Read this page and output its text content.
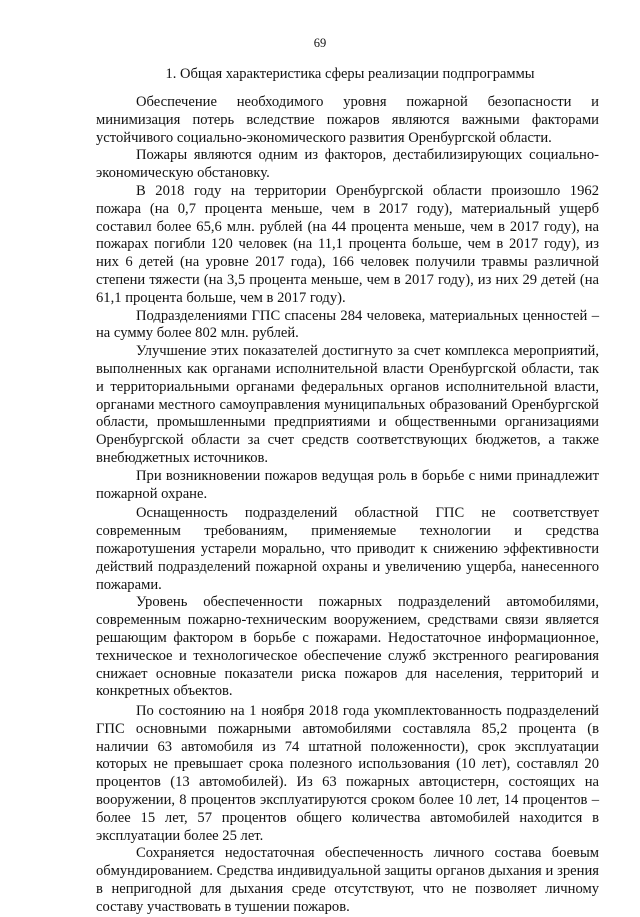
69
1. Общая характеристика сферы реализации подпрограммы

Обеспечение необходимого уровня пожарной безопасности и минимизация потерь вследствие пожаров являются важными факторами устойчивого социально-экономического развития Оренбургской области.

Пожары являются одним из факторов, дестабилизирующих социально-экономическую обстановку.

В 2018 году на территории Оренбургской области произошло 1962 пожара (на 0,7 процента меньше, чем в 2017 году), материальный ущерб составил более 65,6 млн. рублей (на 44 процента меньше, чем в 2017 году), на пожарах погибли 120 человек (на 11,1 процента больше, чем в 2017 году), из них 6 детей (на уровне 2017 года), 166 человек получили травмы различной степени тяжести (на 3,5 процента меньше, чем в 2017 году), из них 29 детей (на 61,1 процента больше, чем в 2017 году).

Подразделениями ГПС спасены 284 человека, материальных ценностей – на сумму более 802 млн. рублей.

Улучшение этих показателей достигнуто за счет комплекса мероприятий, выполненных как органами исполнительной власти Оренбургской области, так и территориальными органами федеральных органов исполнительной власти, органами местного самоуправления муниципальных образований Оренбургской области, промышленными предприятиями и общественными организациями Оренбургской области за счет средств соответствующих бюджетов, а также внебюджетных источников.

При возникновении пожаров ведущая роль в борьбе с ними принадлежит пожарной охране.

Оснащенность подразделений областной ГПС не соответствует современным требованиям, применяемые технологии и средства пожаротушения устарели морально, что приводит к снижению эффективности действий подразделений пожарной охраны и увеличению ущерба, нанесенного пожарами.

Уровень обеспеченности пожарных подразделений автомобилями, современным пожарно-техническим вооружением, средствами связи является решающим фактором в борьбе с пожарами. Недостаточное информационное, техническое и технологическое обеспечение служб экстренного реагирования снижает основные показатели риска пожаров для населения, территорий и конкретных объектов.

По состоянию на 1 ноября 2018 года укомплектованность подразделений ГПС основными пожарными автомобилями составляла 85,2 процента (в наличии 63 автомобиля из 74 штатной положенности), срок эксплуатации которых не превышает срока полезного использования (10 лет), составлял 20 процентов (13 автомобилей). Из 63 пожарных автоцистерн, состоящих на вооружении, 8 процентов эксплуатируются сроком более 10 лет, 14 процентов – более 15 лет, 57 процентов общего количества автомобилей находится в эксплуатации более 25 лет.

Сохраняется недостаточная обеспеченность личного состава боевым обмундированием. Средства индивидуальной защиты органов дыхания и зрения в непригодной для дыхания среде отсутствуют, что не позволяет личному составу участвовать в тушении пожаров.
